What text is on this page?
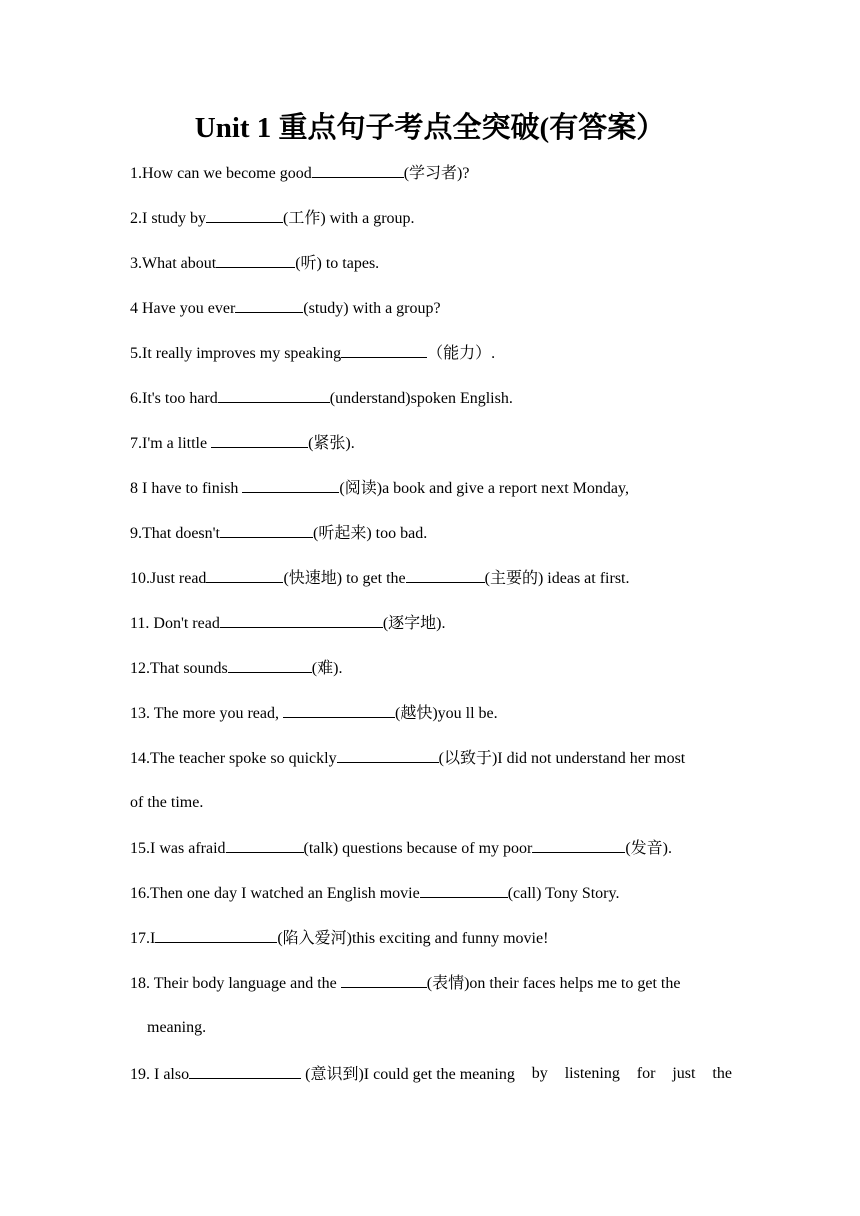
Unit 1 重点句子考点全突破(有答案）
1.How can we become good	(学习者)?
2.I study by	(工作) with a group.
3.What about	(听) to tapes.
4 Have you ever	(study) with a group?
5.It really improves my speaking	（能力）.
6.It's too hard	(understand)spoken English.
7.I'm a little	(紧张).
8 I have to finish	(阅读)a book and give a report next Monday,
9.That doesn't	(听起来) too bad.
10.Just read	(快速地) to get the	(主要的) ideas at first.
11. Don't read	(逐字地).
12.That sounds	(难).
13. The more you read,	(越快)you ll be.
14.The teacher spoke so quickly	(以致于)I did not understand her most
of the time.
15.I was afraid	(talk) questions because of my poor	(发音).
16.Then one day I watched an English movie	(call) Tony Story.
17.I	(陷入爱河)this exciting and funny movie!
18. Their body language and the	(表情)on their faces helps me to get the
meaning.
19. I also	(意识到)I could get the meaning by listening for just the
